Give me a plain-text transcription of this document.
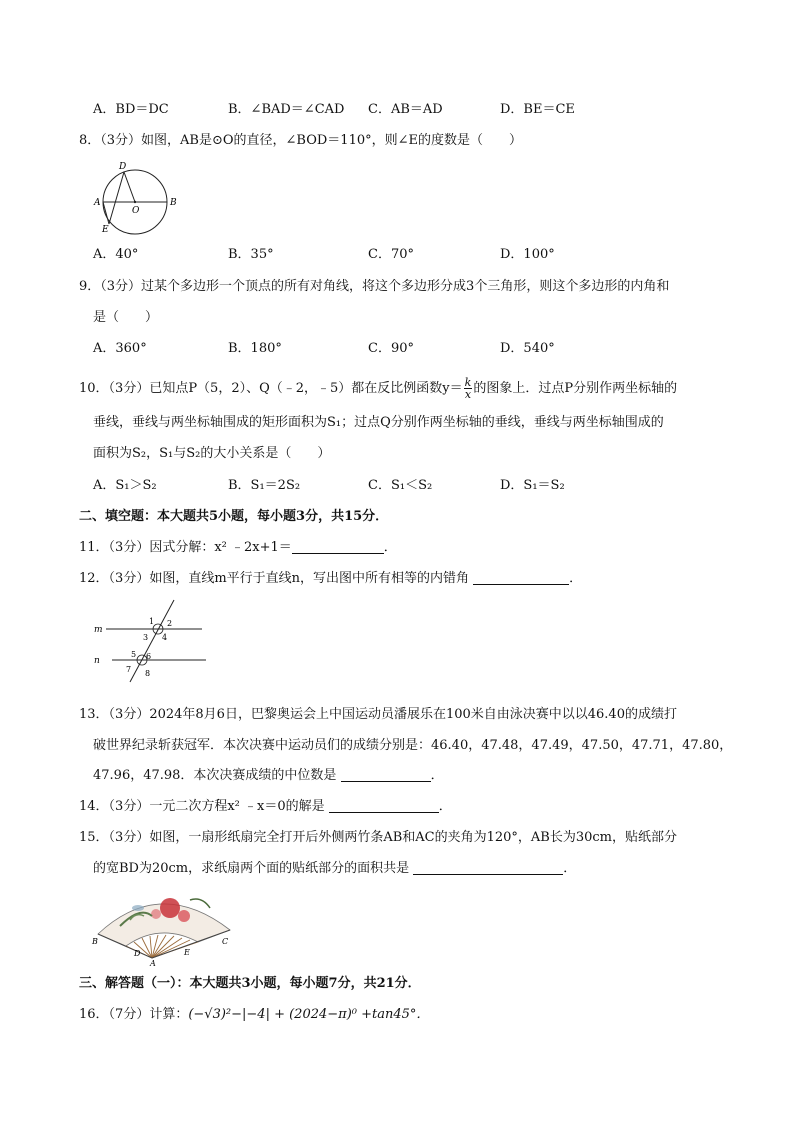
A．BD＝DC	B．∠BAD＝∠CAD C．AB＝AD	D．BE＝CE
8．（3分）如图，AB是⊙O的直径，∠BOD＝110°，则∠E的度数是（　　）
D
A
O
B
E
A．40°	B．35°	C．70°	D．100°
9．（3分）过某个多边形一个顶点的所有对角线，将这个多边形分成3个三角形，则这个多边形的内角和
是（　　）
A．360°	B．180°	C．90°	D．540°
10．（3分）已知点P（5，2）、Q（﹣2，﹣5）都在反比例函数$y= \frac{k}{x}$ 的图象上．过点P分别作两坐标轴的
垂线，垂线与两坐标轴围成的矩形面积为S₁；过点Q分别作两坐标轴的垂线，垂线与两坐标轴围成的
面积为S₂，S₁与S₂的大小关系是（　　）
A．S₁＞S₂	B．S₁＝2S₂	C．S₁＜S₂	D．S₁＝S₂
二、填空题：本大题共5小题，每小题3分，共15分．
11．（3分）因式分解：x² ﹣2x+1＝	．
12．（3分）如图，直线m平行于直线n，写出图中所有相等的内错角	．
m
n
1 2
3 4
5 6
7 8
13．（3分）2024年8月6日，巴黎奥运会上中国运动员潘展乐在100米自由泳决赛中以以46.40的成绩打
破世界纪录斩获冠军．本次决赛中运动员们的成绩分别是：46.40，47.48，47.49，47.50，47.71，47.80，
47.96，47.98．本次决赛成绩的中位数是	．
14．（3分）一元二次方程x² ﹣x＝0的解是	．
15．（3分）如图，一扇形纸扇完全打开后外侧两竹条AB和AC的夹角为120°，AB长为30cm，贴纸部分
的宽BD为20cm，求纸扇两个面的贴纸部分的面积共是	．
B
D	E
A
C
三、解答题（一）：本大题共3小题，每小题7分，共21分．
16．（7分）计算：(−√3)²−|−4| + (2024−π)⁰ +tan45°．
